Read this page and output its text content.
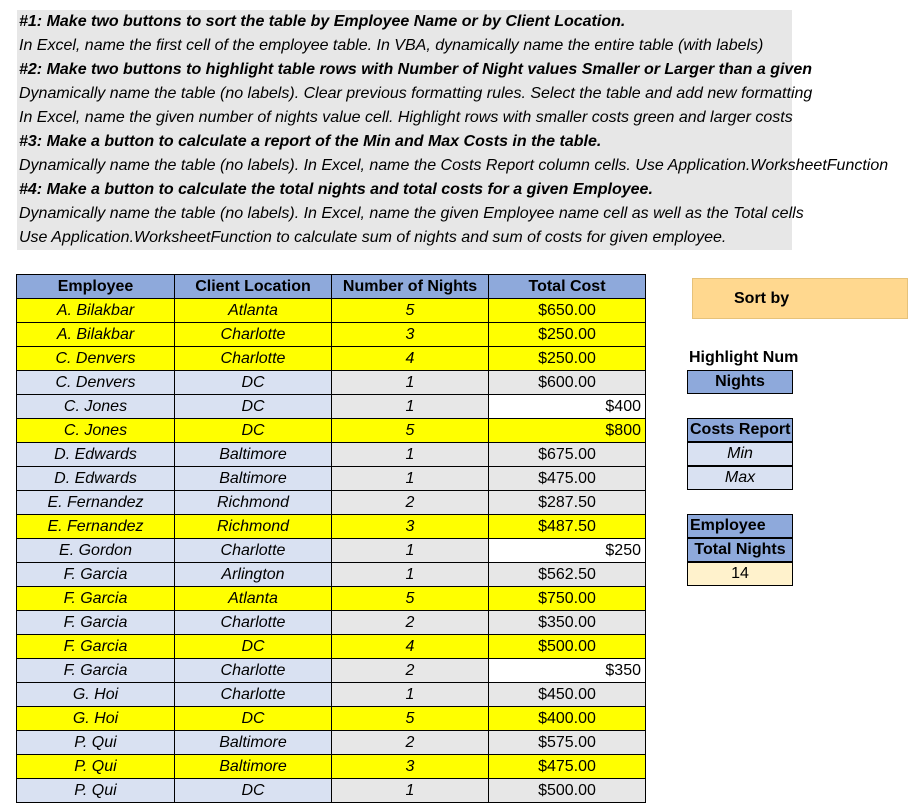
#1: Make two buttons to sort the table by Employee Name or by Client Location.
In Excel, name the first cell of the employee table. In VBA, dynamically name the entire table (with labels)
#2: Make two buttons to highlight table rows with Number of Night values Smaller or Larger than a given
Dynamically name the table (no labels). Clear previous formatting rules. Select the table and add new formatting
In Excel, name the given number of nights value cell. Highlight rows with smaller costs green and larger costs
#3: Make a button to calculate a report of the Min and Max Costs in the table.
Dynamically name the table (no labels). In Excel, name the Costs Report column cells. Use Application.WorksheetFunction
#4: Make a button to calculate the total nights and total costs for a given Employee.
Dynamically name the table (no labels). In Excel, name the given Employee name cell as well as the Total cells
Use Application.WorksheetFunction to calculate sum of nights and sum of costs for given employee.
Employee	Client Location	Number of Nights	Total Cost
A. Bilakbar	Atlanta	5	$650.00
A. Bilakbar	Charlotte	3	$250.00
C. Denvers	Charlotte	4	$250.00
C. Denvers	DC	1	$600.00
C. Jones	DC	1	$400
C. Jones	DC	5	$800
D. Edwards	Baltimore	1	$675.00
D. Edwards	Baltimore	1	$475.00
E. Fernandez	Richmond	2	$287.50
E. Fernandez	Richmond	3	$487.50
E. Gordon	Charlotte	1	$250
F. Garcia	Arlington	1	$562.50
F. Garcia	Atlanta	5	$750.00
F. Garcia	Charlotte	2	$350.00
F. Garcia	DC	4	$500.00
F. Garcia	Charlotte	2	$350
G. Hoi	Charlotte	1	$450.00
G. Hoi	DC	5	$400.00
P. Qui	Baltimore	2	$575.00
P. Qui	Baltimore	3	$475.00
P. Qui	DC	1	$500.00
Sort by
Highlight Num
Nights
Costs Report
Min
Max
Employee
Total Nights
14
